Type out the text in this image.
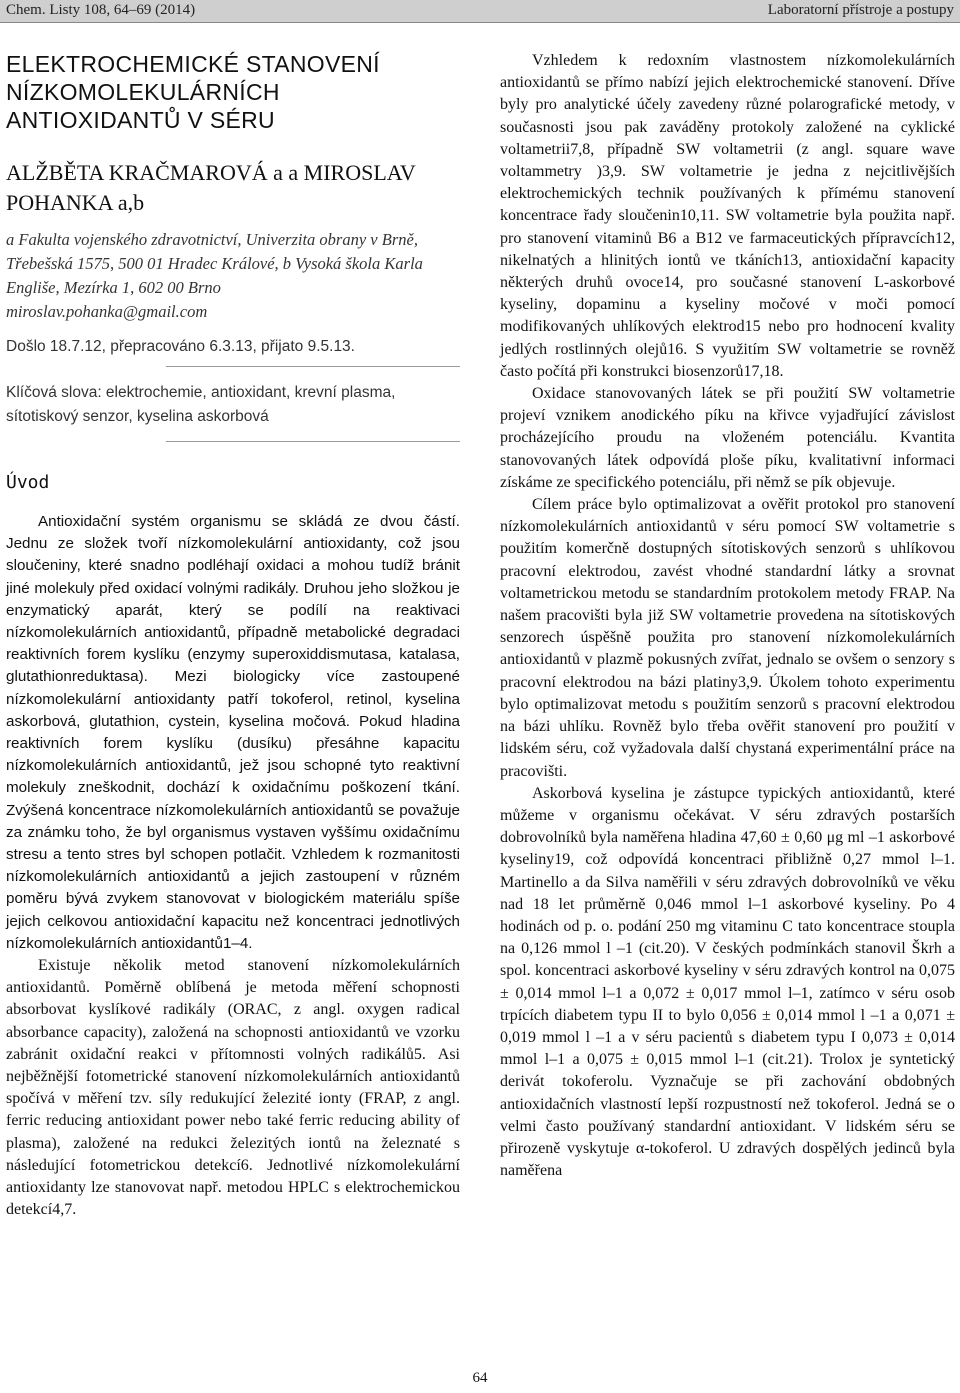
Chem. Listy 108, 64–69 (2014)	Laboratorní přístroje a postupy
ELEKTROCHEMICKÉ STANOVENÍ
NÍZKOMOLEKULÁRNÍCH
ANTIOXIDANTŮ V SÉRU
ALŽBĚTA KRAČMAROVÁ a a MIROSLAV
POHANKA a,b
a Fakulta vojenského zdravotnictví, Univerzita obrany v Brně, Třebešská 1575, 500 01 Hradec Králové, b Vysoká škola Karla Engliše, Mezírka 1, 602 00 Brno
miroslav.pohanka@gmail.com
Došlo 18.7.12, přepracováno 6.3.13, přijato 9.5.13.
Klíčová slova: elektrochemie, antioxidant, krevní plasma, sítotiskový senzor, kyselina askorbová
Úvod

Antioxidační systém organismu se skládá ze dvou částí. Jednu ze složek tvoří nízkomolekulární antioxidanty, což jsou sloučeniny, které snadno podléhají oxidaci a mohou tudíž bránit jiné molekuly před oxidací volnými radikály. Druhou jeho složkou je enzymatický aparát, který se podílí na reaktivaci nízkomolekulárních antioxidantů, případně metabolické degradaci reaktivních forem kyslíku (enzymy superoxiddismutasa, katalasa, glutathionreduktasa). Mezi biologicky více zastoupené nízkomolekulární antioxidanty patří tokoferol, retinol, kyselina askorbová, glutathion, cystein, kyselina močová. Pokud hladina reaktivních forem kyslíku (dusíku) přesáhne kapacitu nízkomolekulárních antioxidantů, jež jsou schopné tyto reaktivní molekuly zneškodnit, dochází k oxidačnímu poškození tkání. Zvýšená koncentrace nízkomolekulárních antioxidantů se považuje za známku toho, že byl organismus vystaven vyššímu oxidačnímu stresu a tento stres byl schopen potlačit. Vzhledem k rozmanitosti nízkomolekulárních antioxidantů a jejich zastoupení v různém poměru bývá zvykem stanovovat v biologickém materiálu spíše jejich celkovou antioxidační kapacitu než koncentraci jednotlivých nízkomolekulárních antioxidantů1–4.

Existuje několik metod stanovení nízkomolekulárních antioxidantů. Poměrně oblíbená je metoda měření schopnosti absorbovat kyslíkové radikály (ORAC, z angl. oxygen radical absorbance capacity), založená na schopnosti antioxidantů ve vzorku zabránit oxidační reakci v přítomnosti volných radikálů5. Asi nejběžnější fotometrické stanovení nízkomolekulárních antioxidantů spočívá v měření tzv. síly redukující železité ionty (FRAP, z angl. ferric reducing antioxidant power nebo také ferric reducing ability of plasma), založené na redukci železitých iontů na železnaté s následující fotometrickou detekcí6. Jednotlivé nízkomolekulární antioxidanty lze stanovovat např. metodou HPLC s elektrochemickou detekcí4,7.

Vzhledem k redoxním vlastnostem nízkomolekulárních antioxidantů se přímo nabízí jejich elektrochemické stanovení. Dříve byly pro analytické účely zavedeny různé polarografické metody, v současnosti jsou pak zaváděny protokoly založené na cyklické voltametrii7,8, případně SW voltametrii (z angl. square wave voltammetry )3,9. SW voltametrie je jedna z nejcitlivějších elektrochemických technik používaných k přímému stanovení koncentrace řady sloučenin10,11. SW voltametrie byla použita např. pro stanovení vitaminů B6 a B12 ve farmaceutických přípravcích12, nikelnatých a hlinitých iontů ve tkáních13, antioxidační kapacity některých druhů ovoce14, pro současné stanovení L-askorbové kyseliny, dopaminu a kyseliny močové v moči pomocí modifikovaných uhlíkových elektrod15 nebo pro hodnocení kvality jedlých rostlinných olejů16. S využitím SW voltametrie se rovněž často počítá při konstrukci biosenzorů17,18.

Oxidace stanovovaných látek se při použití SW voltametrie projeví vznikem anodického píku na křivce vyjadřující závislost procházejícího proudu na vloženém potenciálu. Kvantita stanovovaných látek odpovídá ploše píku, kvalitativní informaci získáme ze specifického potenciálu, při němž se pík objevuje.

Cílem práce bylo optimalizovat a ověřit protokol pro stanovení nízkomolekulárních antioxidantů v séru pomocí SW voltametrie s použitím komerčně dostupných sítotiskových senzorů s uhlíkovou pracovní elektrodou, zavést vhodné standardní látky a srovnat voltametrickou metodu se standardním protokolem metody FRAP. Na našem pracovišti byla již SW voltametrie provedena na sítotiskových senzorech úspěšně použita pro stanovení nízkomolekulárních antioxidantů v plazmě pokusných zvířat, jednalo se ovšem o senzory s pracovní elektrodou na bázi platiny3,9. Úkolem tohoto experimentu bylo optimalizovat metodu s použitím senzorů s pracovní elektrodou na bázi uhlíku. Rovněž bylo třeba ověřit stanovení pro použití v lidském séru, což vyžadovala další chystaná experimentální práce na pracovišti.

Askorbová kyselina je zástupce typických antioxidantů, které můžeme v organismu očekávat. V séru zdravých postarších dobrovolníků byla naměřena hladina 47,60 ± 0,60 μg ml –1 askorbové kyseliny19, což odpovídá koncentraci přibližně 0,27 mmol l–1. Martinello a da Silva naměřili v séru zdravých dobrovolníků ve věku nad 18 let průměrně 0,046 mmol l–1 askorbové kyseliny. Po 4 hodinách od p. o. podání 250 mg vitaminu C tato koncentrace stoupla na 0,126 mmol l –1 (cit.20). V českých podmínkách stanovil Škrh a spol. koncentraci askorbové kyseliny v séru zdravých kontrol na 0,075 ± 0,014 mmol l–1 a 0,072 ± 0,017 mmol l–1, zatímco v séru osob trpících diabetem typu II to bylo 0,056 ± 0,014 mmol l –1 a 0,071 ± 0,019 mmol l –1 a v séru pacientů s diabetem typu I 0,073 ± 0,014 mmol l–1 a 0,075 ± 0,015 mmol l–1 (cit.21). Trolox je syntetický derivát tokoferolu. Vyznačuje se při zachování obdobných antioxidačních vlastností lepší rozpustností než tokoferol. Jedná se o velmi často používaný standardní antioxidant. V lidském séru se přirozeně vyskytuje α-tokoferol. U zdravých dospělých jedinců byla naměřena

64
